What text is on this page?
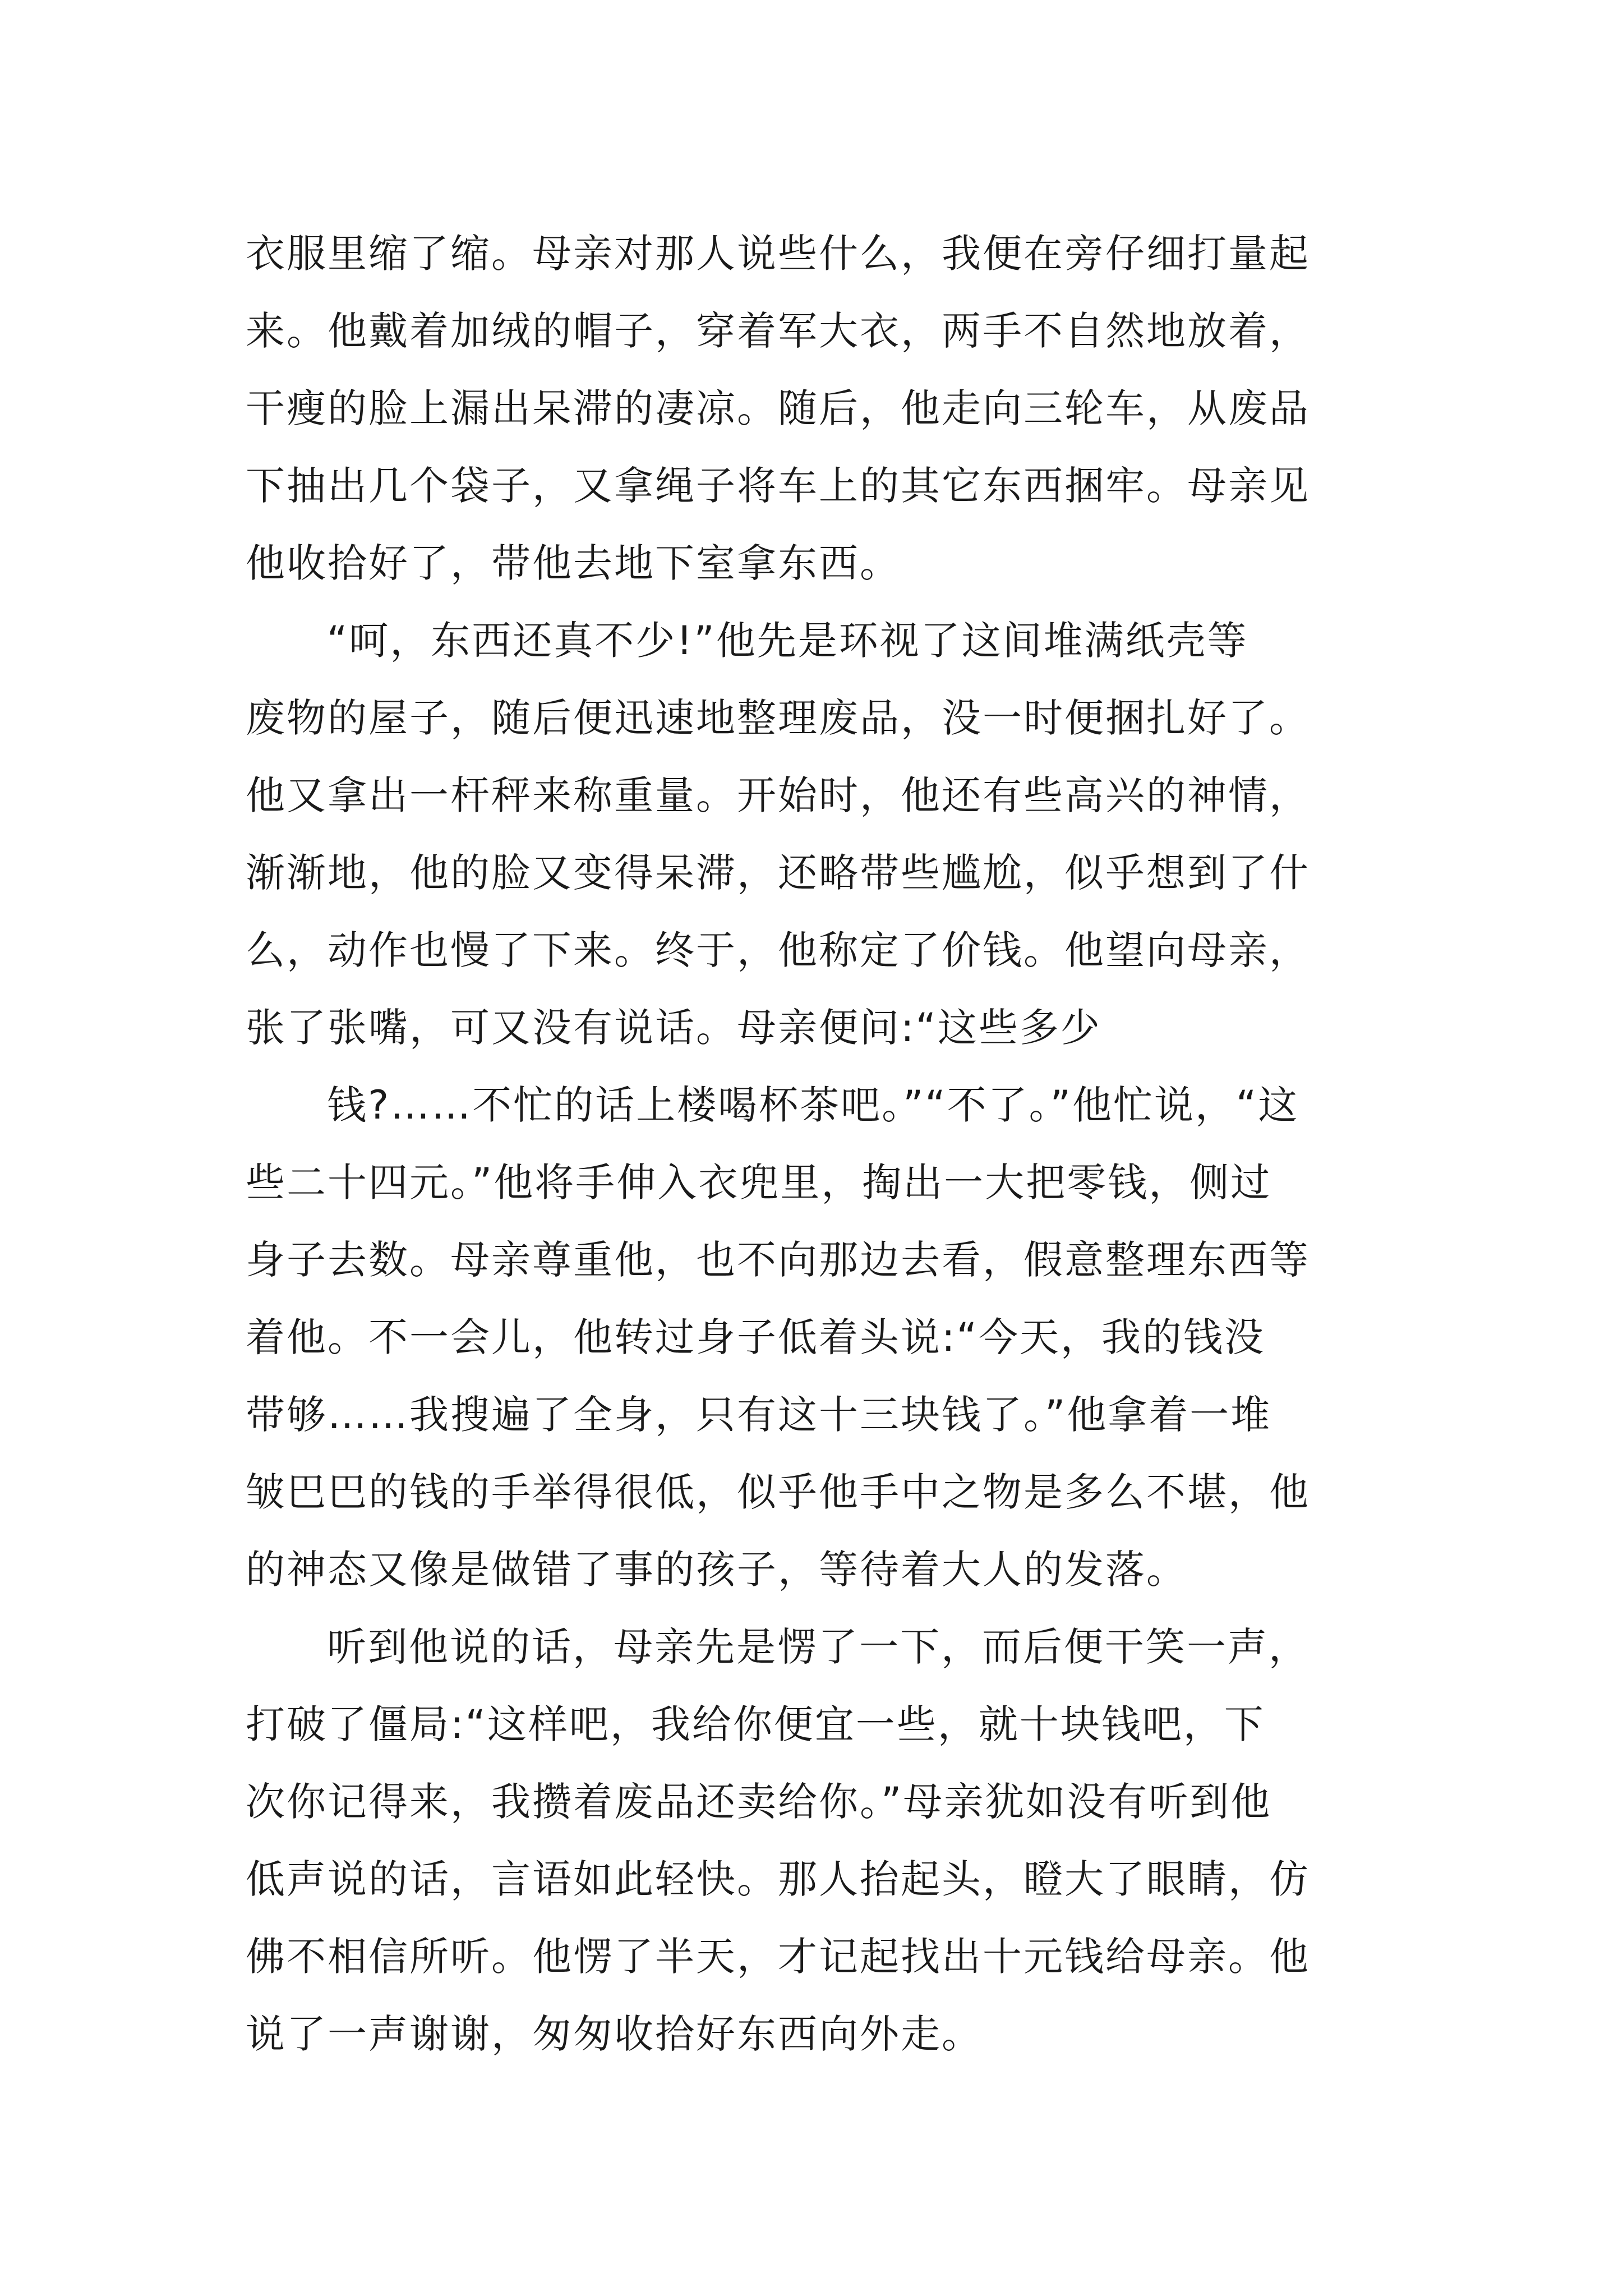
衣服里缩了缩。母亲对那人说些什么，我便在旁仔细打量起
来。他戴着加绒的帽子，穿着军大衣，两手不自然地放着，
干瘦的脸上漏出呆滞的凄凉。随后，他走向三轮车，从废品
下抽出几个袋子，又拿绳子将车上的其它东西捆牢。母亲见
他收拾好了，带他去地下室拿东西。
“呵，东西还真不少!”他先是环视了这间堆满纸壳等
废物的屋子，随后便迅速地整理废品，没一时便捆扎好了。
他又拿出一杆秤来称重量。开始时，他还有些高兴的神情，
渐渐地，他的脸又变得呆滞，还略带些尴尬，似乎想到了什
么，动作也慢了下来。终于，他称定了价钱。他望向母亲，
张了张嘴，可又没有说话。母亲便问:“这些多少
钱?……不忙的话上楼喝杯茶吧。”“不了。”他忙说，“这
些二十四元。”他将手伸入衣兜里，掏出一大把零钱，侧过
身子去数。母亲尊重他，也不向那边去看，假意整理东西等
着他。不一会儿，他转过身子低着头说:“今天，我的钱没
带够……我搜遍了全身，只有这十三块钱了。”他拿着一堆
皱巴巴的钱的手举得很低，似乎他手中之物是多么不堪，他
的神态又像是做错了事的孩子，等待着大人的发落。
听到他说的话，母亲先是愣了一下，而后便干笑一声，
打破了僵局:“这样吧，我给你便宜一些，就十块钱吧，下
次你记得来，我攒着废品还卖给你。”母亲犹如没有听到他
低声说的话，言语如此轻快。那人抬起头，瞪大了眼睛，仿
佛不相信所听。他愣了半天，才记起找出十元钱给母亲。他
说了一声谢谢，匆匆收拾好东西向外走。
